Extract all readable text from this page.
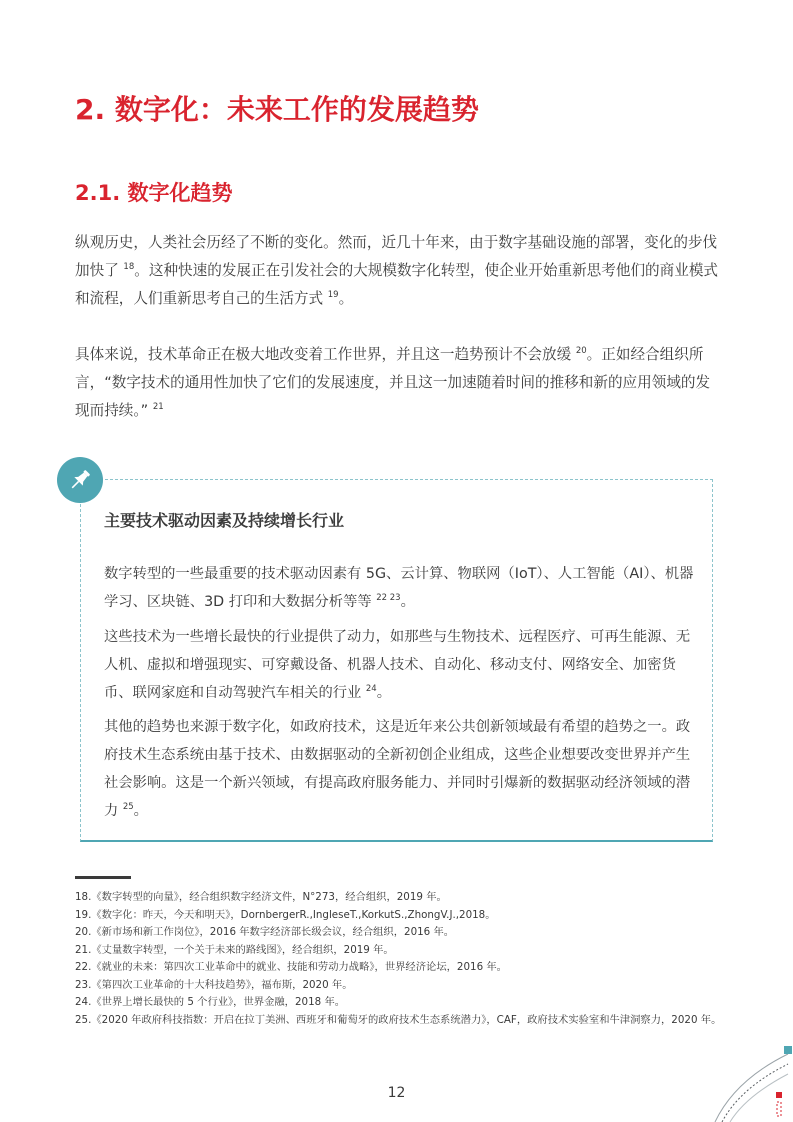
2. 数字化：未来工作的发展趋势
2.1. 数字化趋势

纵观历史，人类社会历经了不断的变化。然而，近几十年来，由于数字基础设施的部署，变化的步伐加快了 $^{18}$。这种快速的发展正在引发社会的大规模数字化转型，使企业开始重新思考他们的商业模式和流程，人们重新思考自己的生活方式 $^{19}$。

具体来说，技术革命正在极大地改变着工作世界，并且这一趋势预计不会放缓 $^{20}$。正如经合组织所言，“数字技术的通用性加快了它们的发展速度，并且这一加速随着时间的推移和新的应用领域的发现而持续。” $^{21}$

主要技术驱动因素及持续增长行业

数字转型的一些最重要的技术驱动因素有 5G、云计算、物联网（IoT）、人工智能（AI）、机器学习、区块链、3D 打印和大数据分析等等 $^{22 23}$。

这些技术为一些增长最快的行业提供了动力，如那些与生物技术、远程医疗、可再生能源、无人机、虚拟和增强现实、可穿戴设备、机器人技术、自动化、移动支付、网络安全、加密货币、联网家庭和自动驾驶汽车相关的行业 $^{24}$。

其他的趋势也来源于数字化，如政府技术，这是近年来公共创新领域最有希望的趋势之一。政府技术生态系统由基于技术、由数据驱动的全新初创企业组成，这些企业想要改变世界并产生社会影响。这是一个新兴领域，有提高政府服务能力、并同时引爆新的数据驱动经济领域的潜力 $^{25}$。

18.《数字转型的向量》，经合组织数字经济文件，N°273，经合组织，2019 年。
19.《数字化：昨天，今天和明天》，DornbergerR.,IngleseT.,KorkutS.,ZhongV.J.,2018。
20.《新市场和新工作岗位》，2016 年数字经济部长级会议，经合组织，2016 年。
21.《丈量数字转型，一个关于未来的路线图》，经合组织，2019 年。
22.《就业的未来：第四次工业革命中的就业、技能和劳动力战略》，世界经济论坛，2016 年。
23.《第四次工业革命的十大科技趋势》，福布斯，2020 年。
24.《世界上增长最快的 5 个行业》，世界金融，2018 年。
25.《2020 年政府科技指数：开启在拉丁美洲、西班牙和葡萄牙的政府技术生态系统潜力》，CAF，政府技术实验室和牛津洞察力，2020 年。
12
